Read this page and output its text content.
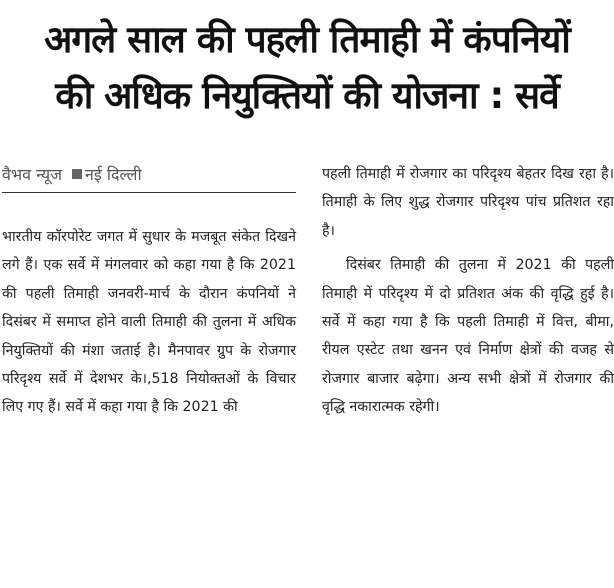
अगले साल की पहली तिमाही में कंपनियों
की अधिक नियुक्तियों की योजना : सर्वे
वैभव न्यूज नई दिल्ली

भारतीय कॉरपोरेट जगत में सुधार के मजबूत संकेत दिखने लगे हैं। एक सर्वे में मंगलवार को कहा गया है कि 2021 की पहली तिमाही जनवरी-मार्च के दौरान कंपनियों ने दिसंबर में समाप्त होने वाली तिमाही की तुलना में अधिक नियुक्तियों की मंशा जताई है। मैनपावर ग्रुप के रोजगार परिदृश्य सर्वे में देशभर के।,518 नियोक्तओं के विचार लिए गए हैं। सर्वे में कहा गया है कि 2021 की

पहली तिमाही में रोजगार का परिदृश्य बेहतर दिख रहा है। तिमाही के लिए शुद्ध रोजगार परिदृश्य पांच प्रतिशत रहा है।

दिसंबर तिमाही की तुलना में 2021 की पहली तिमाही में परिदृश्य में दो प्रतिशत अंक की वृद्धि हुई है। सर्वे में कहा गया है कि पहली तिमाही में वित्त, बीमा, रीयल एस्टेट तथा खनन एवं निर्माण क्षेत्रों की वजह से रोजगार बाजार बढ़ेगा। अन्य सभी क्षेत्रों में रोजगार की वृद्धि नकारात्मक रहेगी।
